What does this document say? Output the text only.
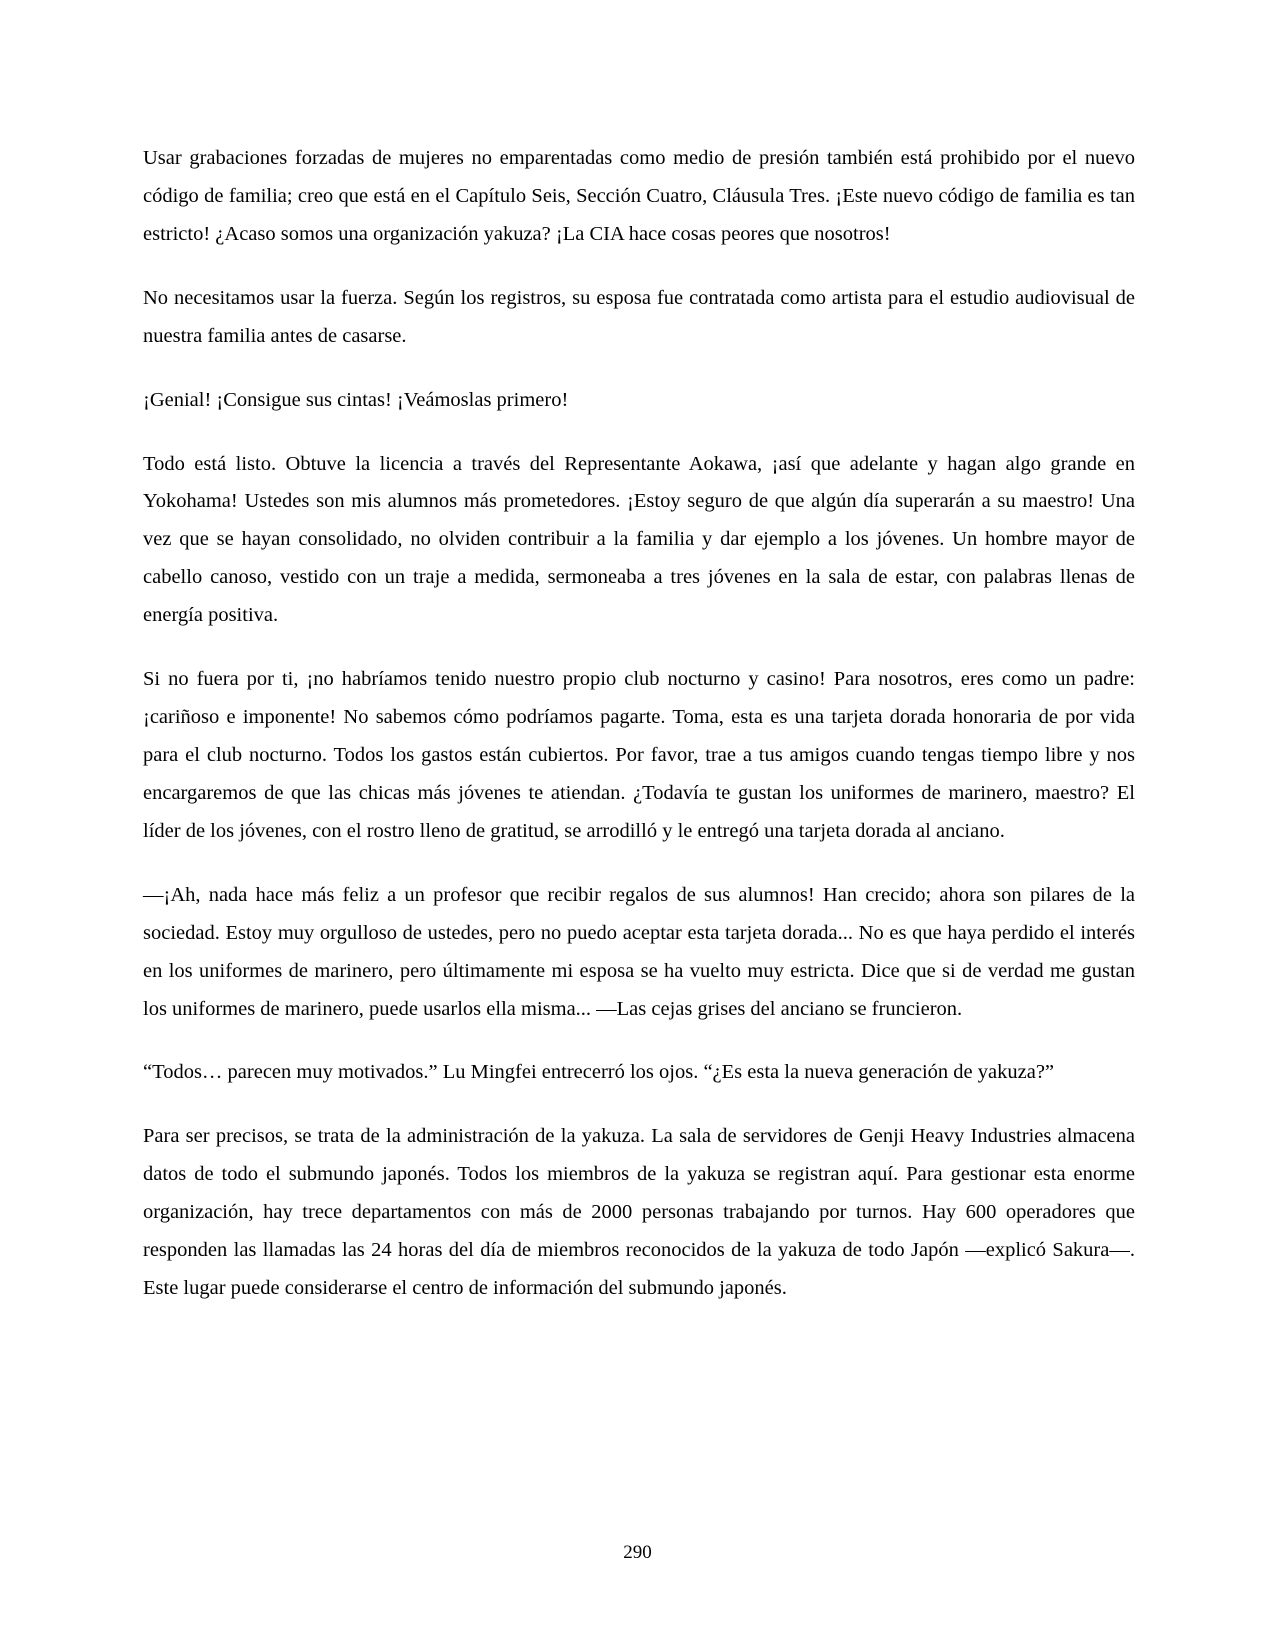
Usar grabaciones forzadas de mujeres no emparentadas como medio de presión también está prohibido por el nuevo código de familia; creo que está en el Capítulo Seis, Sección Cuatro, Cláusula Tres. ¡Este nuevo código de familia es tan estricto! ¿Acaso somos una organización yakuza? ¡La CIA hace cosas peores que nosotros!

No necesitamos usar la fuerza. Según los registros, su esposa fue contratada como artista para el estudio audiovisual de nuestra familia antes de casarse.

¡Genial! ¡Consigue sus cintas! ¡Veámoslas primero!

Todo está listo. Obtuve la licencia a través del Representante Aokawa, ¡así que adelante y hagan algo grande en Yokohama! Ustedes son mis alumnos más prometedores. ¡Estoy seguro de que algún día superarán a su maestro! Una vez que se hayan consolidado, no olviden contribuir a la familia y dar ejemplo a los jóvenes. Un hombre mayor de cabello canoso, vestido con un traje a medida, sermoneaba a tres jóvenes en la sala de estar, con palabras llenas de energía positiva.

Si no fuera por ti, ¡no habríamos tenido nuestro propio club nocturno y casino! Para nosotros, eres como un padre: ¡cariñoso e imponente! No sabemos cómo podríamos pagarte. Toma, esta es una tarjeta dorada honoraria de por vida para el club nocturno. Todos los gastos están cubiertos. Por favor, trae a tus amigos cuando tengas tiempo libre y nos encargaremos de que las chicas más jóvenes te atiendan. ¿Todavía te gustan los uniformes de marinero, maestro? El líder de los jóvenes, con el rostro lleno de gratitud, se arrodilló y le entregó una tarjeta dorada al anciano.

—¡Ah, nada hace más feliz a un profesor que recibir regalos de sus alumnos! Han crecido; ahora son pilares de la sociedad. Estoy muy orgulloso de ustedes, pero no puedo aceptar esta tarjeta dorada... No es que haya perdido el interés en los uniformes de marinero, pero últimamente mi esposa se ha vuelto muy estricta. Dice que si de verdad me gustan los uniformes de marinero, puede usarlos ella misma... —Las cejas grises del anciano se fruncieron.

“Todos… parecen muy motivados.” Lu Mingfei entrecerró los ojos. “¿Es esta la nueva generación de yakuza?”

Para ser precisos, se trata de la administración de la yakuza. La sala de servidores de Genji Heavy Industries almacena datos de todo el submundo japonés. Todos los miembros de la yakuza se registran aquí. Para gestionar esta enorme organización, hay trece departamentos con más de 2000 personas trabajando por turnos. Hay 600 operadores que responden las llamadas las 24 horas del día de miembros reconocidos de la yakuza de todo Japón —explicó Sakura—. Este lugar puede considerarse el centro de información del submundo japonés.

290
